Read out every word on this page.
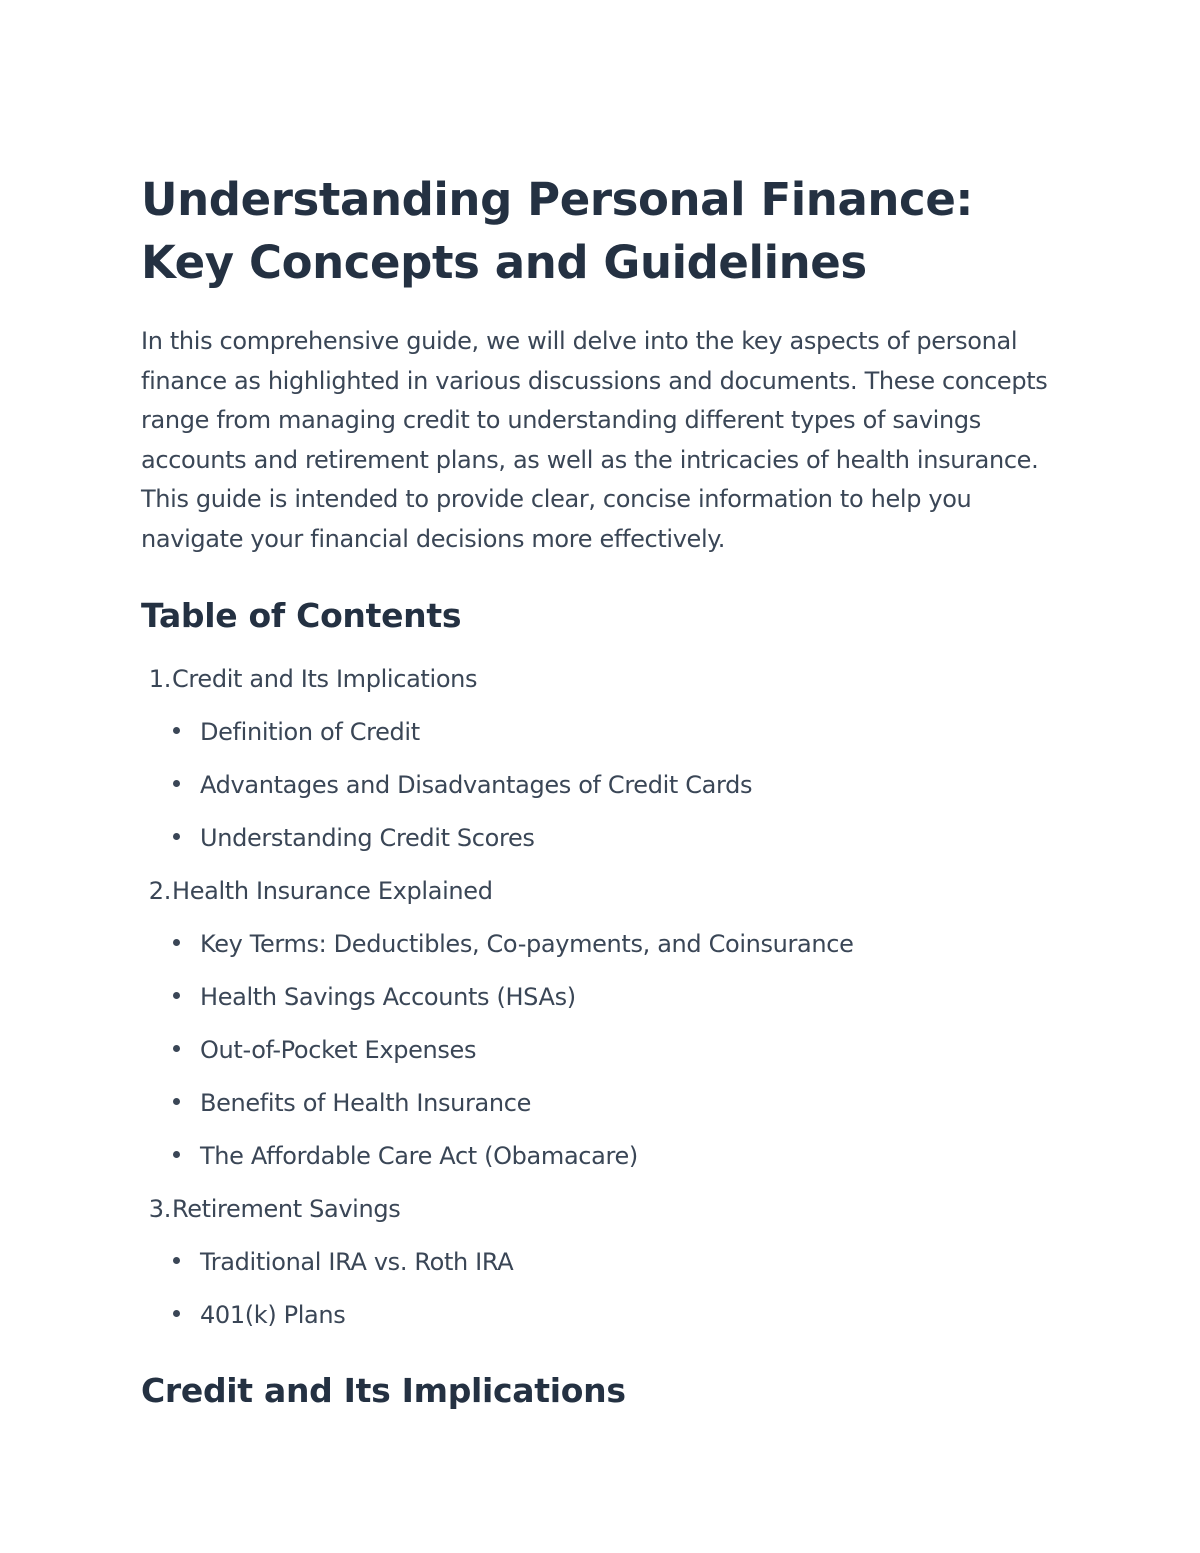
Understanding Personal Finance: Key Concepts and Guidelines

In this comprehensive guide, we will delve into the key aspects of personal finance as highlighted in various discussions and documents. These concepts range from managing credit to understanding different types of savings accounts and retirement plans, as well as the intricacies of health insurance. This guide is intended to provide clear, concise information to help you navigate your financial decisions more effectively.

Table of Contents
1. Credit and Its Implications
Definition of Credit
Advantages and Disadvantages of Credit Cards
Understanding Credit Scores
2. Health Insurance Explained
Key Terms: Deductibles, Co-payments, and Coinsurance
Health Savings Accounts (HSAs)
Out-of-Pocket Expenses
Benefits of Health Insurance
The Affordable Care Act (Obamacare)
3. Retirement Savings
Traditional IRA vs. Roth IRA
401(k) Plans
Credit and Its Implications
